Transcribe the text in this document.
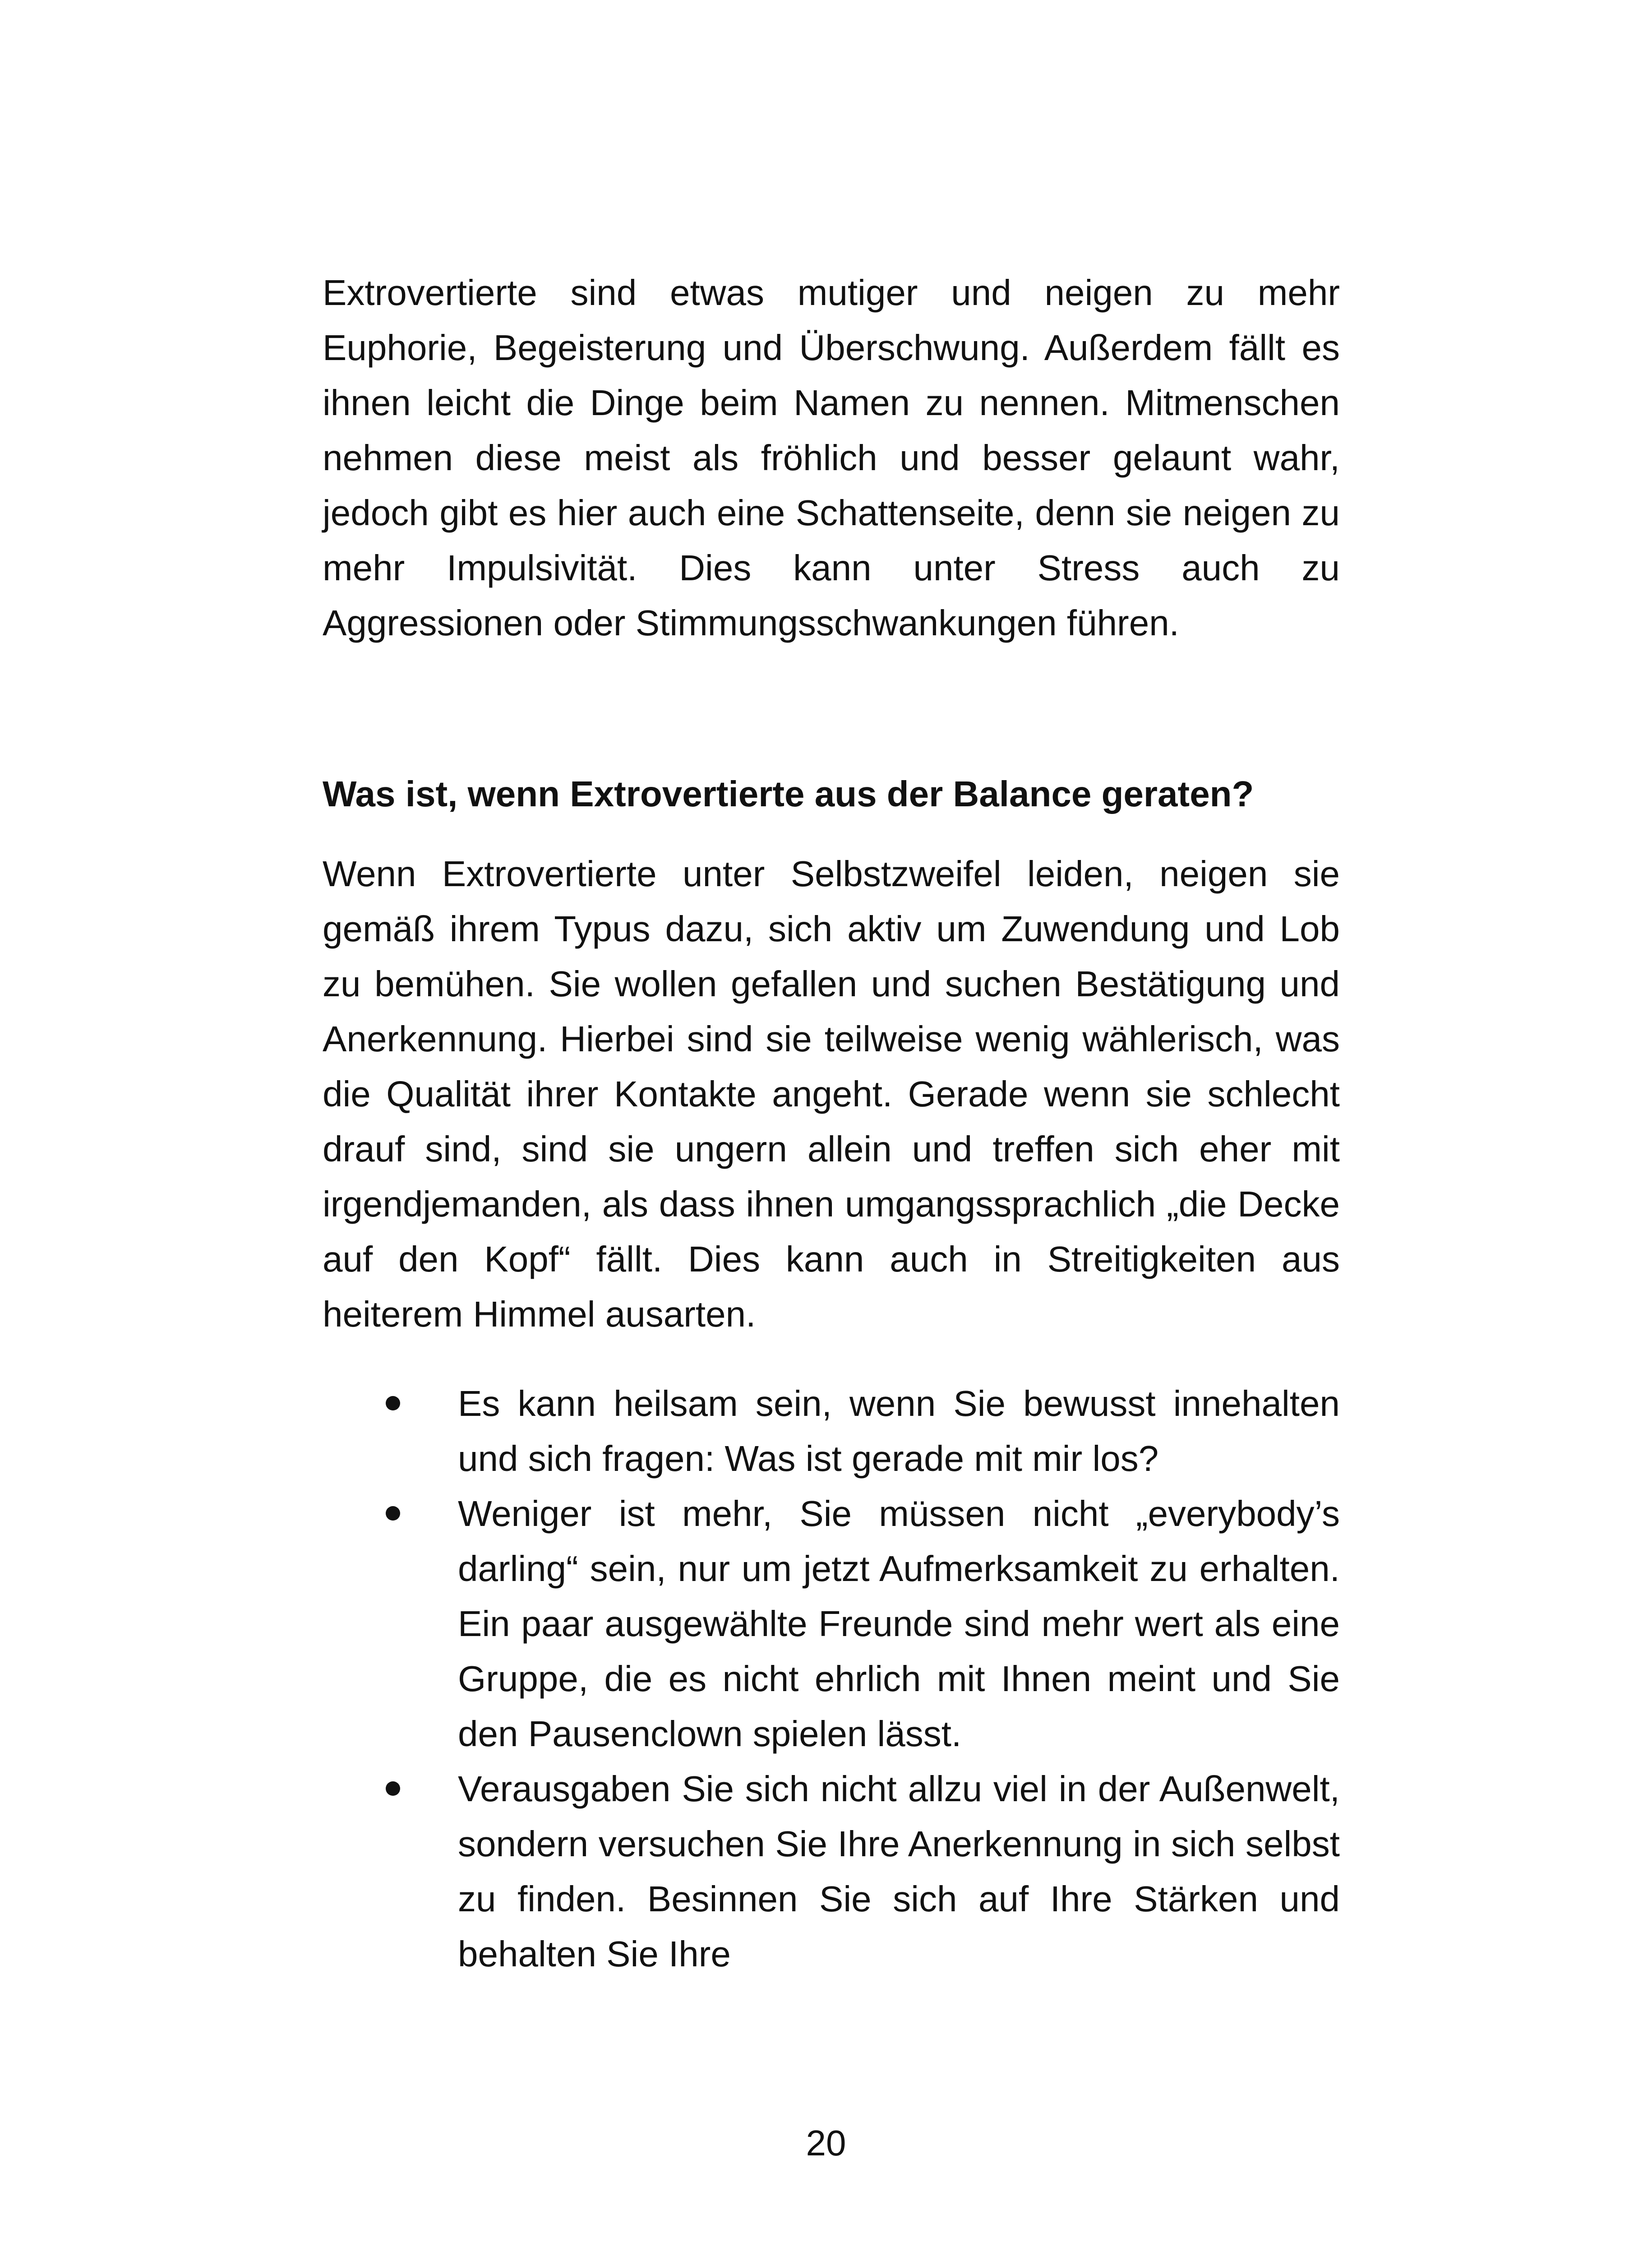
Extrovertierte sind etwas mutiger und neigen zu mehr Euphorie, Begeisterung und Überschwung. Außerdem fällt es ihnen leicht die Dinge beim Namen zu nennen. Mitmenschen nehmen diese meist als fröhlich und besser gelaunt wahr, jedoch gibt es hier auch eine Schattenseite, denn sie neigen zu mehr Impulsivität. Dies kann unter Stress auch zu Aggressionen oder Stimmungsschwankungen führen.

Was ist, wenn Extrovertierte aus der Balance geraten?

Wenn Extrovertierte unter Selbstzweifel leiden, neigen sie gemäß ihrem Typus dazu, sich aktiv um Zuwendung und Lob zu bemühen. Sie wollen gefallen und suchen Bestätigung und Anerkennung. Hierbei sind sie teilweise wenig wählerisch, was die Qualität ihrer Kontakte angeht. Gerade wenn sie schlecht drauf sind, sind sie ungern allein und treffen sich eher mit irgendjemanden, als dass ihnen umgangssprachlich „die Decke auf den Kopf“ fällt. Dies kann auch in Streitigkeiten aus heiterem Himmel ausarten.

Es kann heilsam sein, wenn Sie bewusst innehalten und sich fragen: Was ist gerade mit mir los?
Weniger ist mehr, Sie müssen nicht „everybody’s darling“ sein, nur um jetzt Aufmerksamkeit zu erhalten. Ein paar ausgewählte Freunde sind mehr wert als eine Gruppe, die es nicht ehrlich mit Ihnen meint und Sie den Pausenclown spielen lässt.
Verausgaben Sie sich nicht allzu viel in der Außenwelt, sondern versuchen Sie Ihre Anerkennung in sich selbst zu finden. Besinnen Sie sich auf Ihre Stärken und behalten Sie Ihre
20
